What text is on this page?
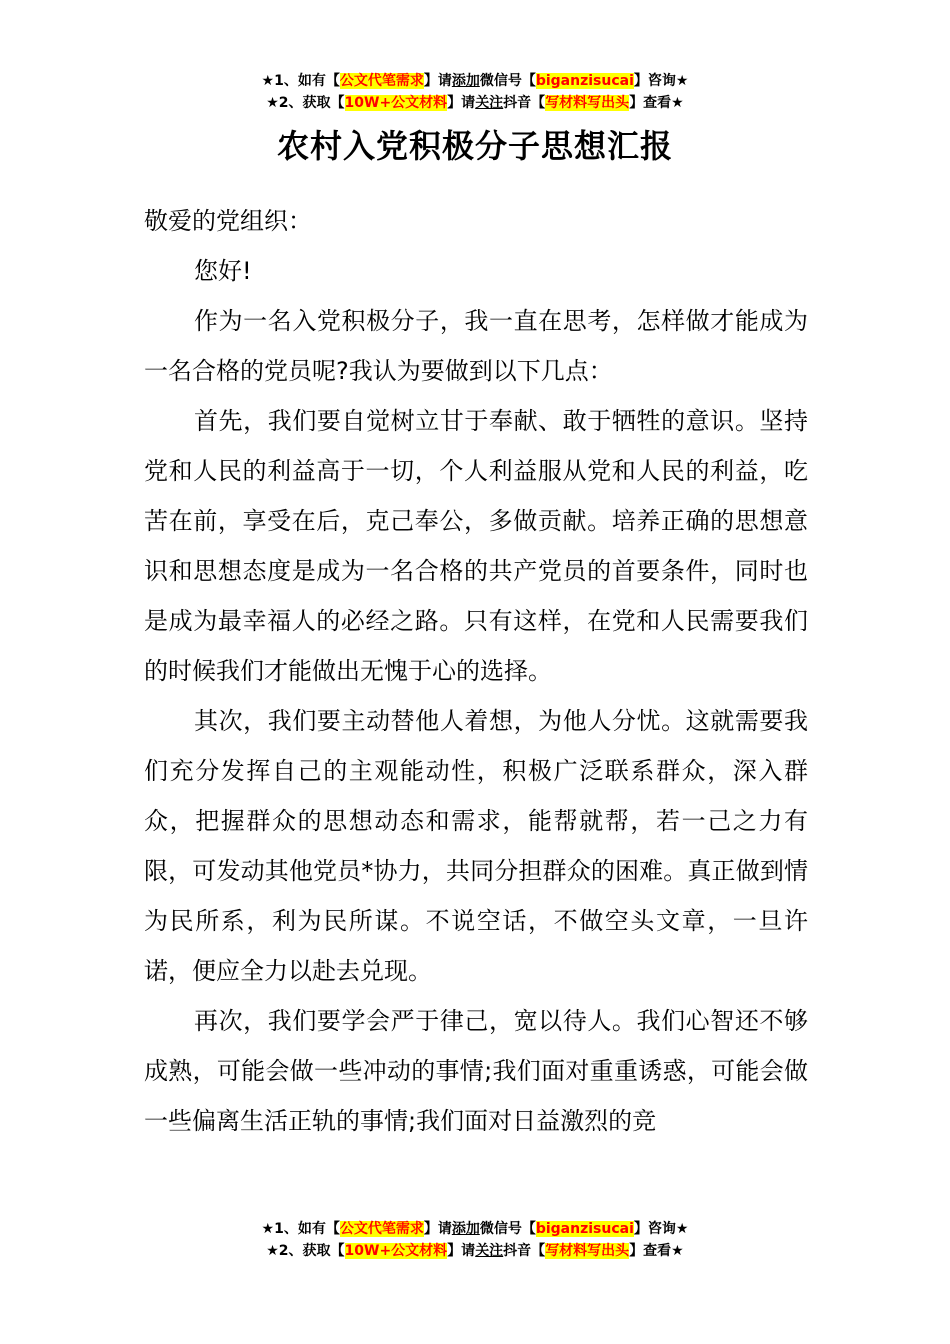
★1、如有【公文代笔需求】请添加微信号【biganzisucai】咨询★
★2、获取【10W+公文材料】请关注抖音【写材料写出头】查看★
农村入党积极分子思想汇报

敬爱的党组织：

您好!

作为一名入党积极分子，我一直在思考，怎样做才能成为一名合格的党员呢?我认为要做到以下几点：

首先，我们要自觉树立甘于奉献、敢于牺牲的意识。坚持党和人民的利益高于一切，个人利益服从党和人民的利益，吃苦在前，享受在后，克己奉公，多做贡献。培养正确的思想意识和思想态度是成为一名合格的共产党员的首要条件，同时也是成为最幸福人的必经之路。只有这样，在党和人民需要我们的时候我们才能做出无愧于心的选择。

其次，我们要主动替他人着想，为他人分忧。这就需要我们充分发挥自己的主观能动性，积极广泛联系群众，深入群众，把握群众的思想动态和需求，能帮就帮，若一己之力有限，可发动其他党员*协力，共同分担群众的困难。真正做到情为民所系，利为民所谋。不说空话，不做空头文章，一旦许诺，便应全力以赴去兑现。

再次，我们要学会严于律己，宽以待人。我们心智还不够成熟，可能会做一些冲动的事情;我们面对重重诱惑，可能会做一些偏离生活正轨的事情;我们面对日益激烈的竞

★1、如有【公文代笔需求】请添加微信号【biganzisucai】咨询★
★2、获取【10W+公文材料】请关注抖音【写材料写出头】查看★
